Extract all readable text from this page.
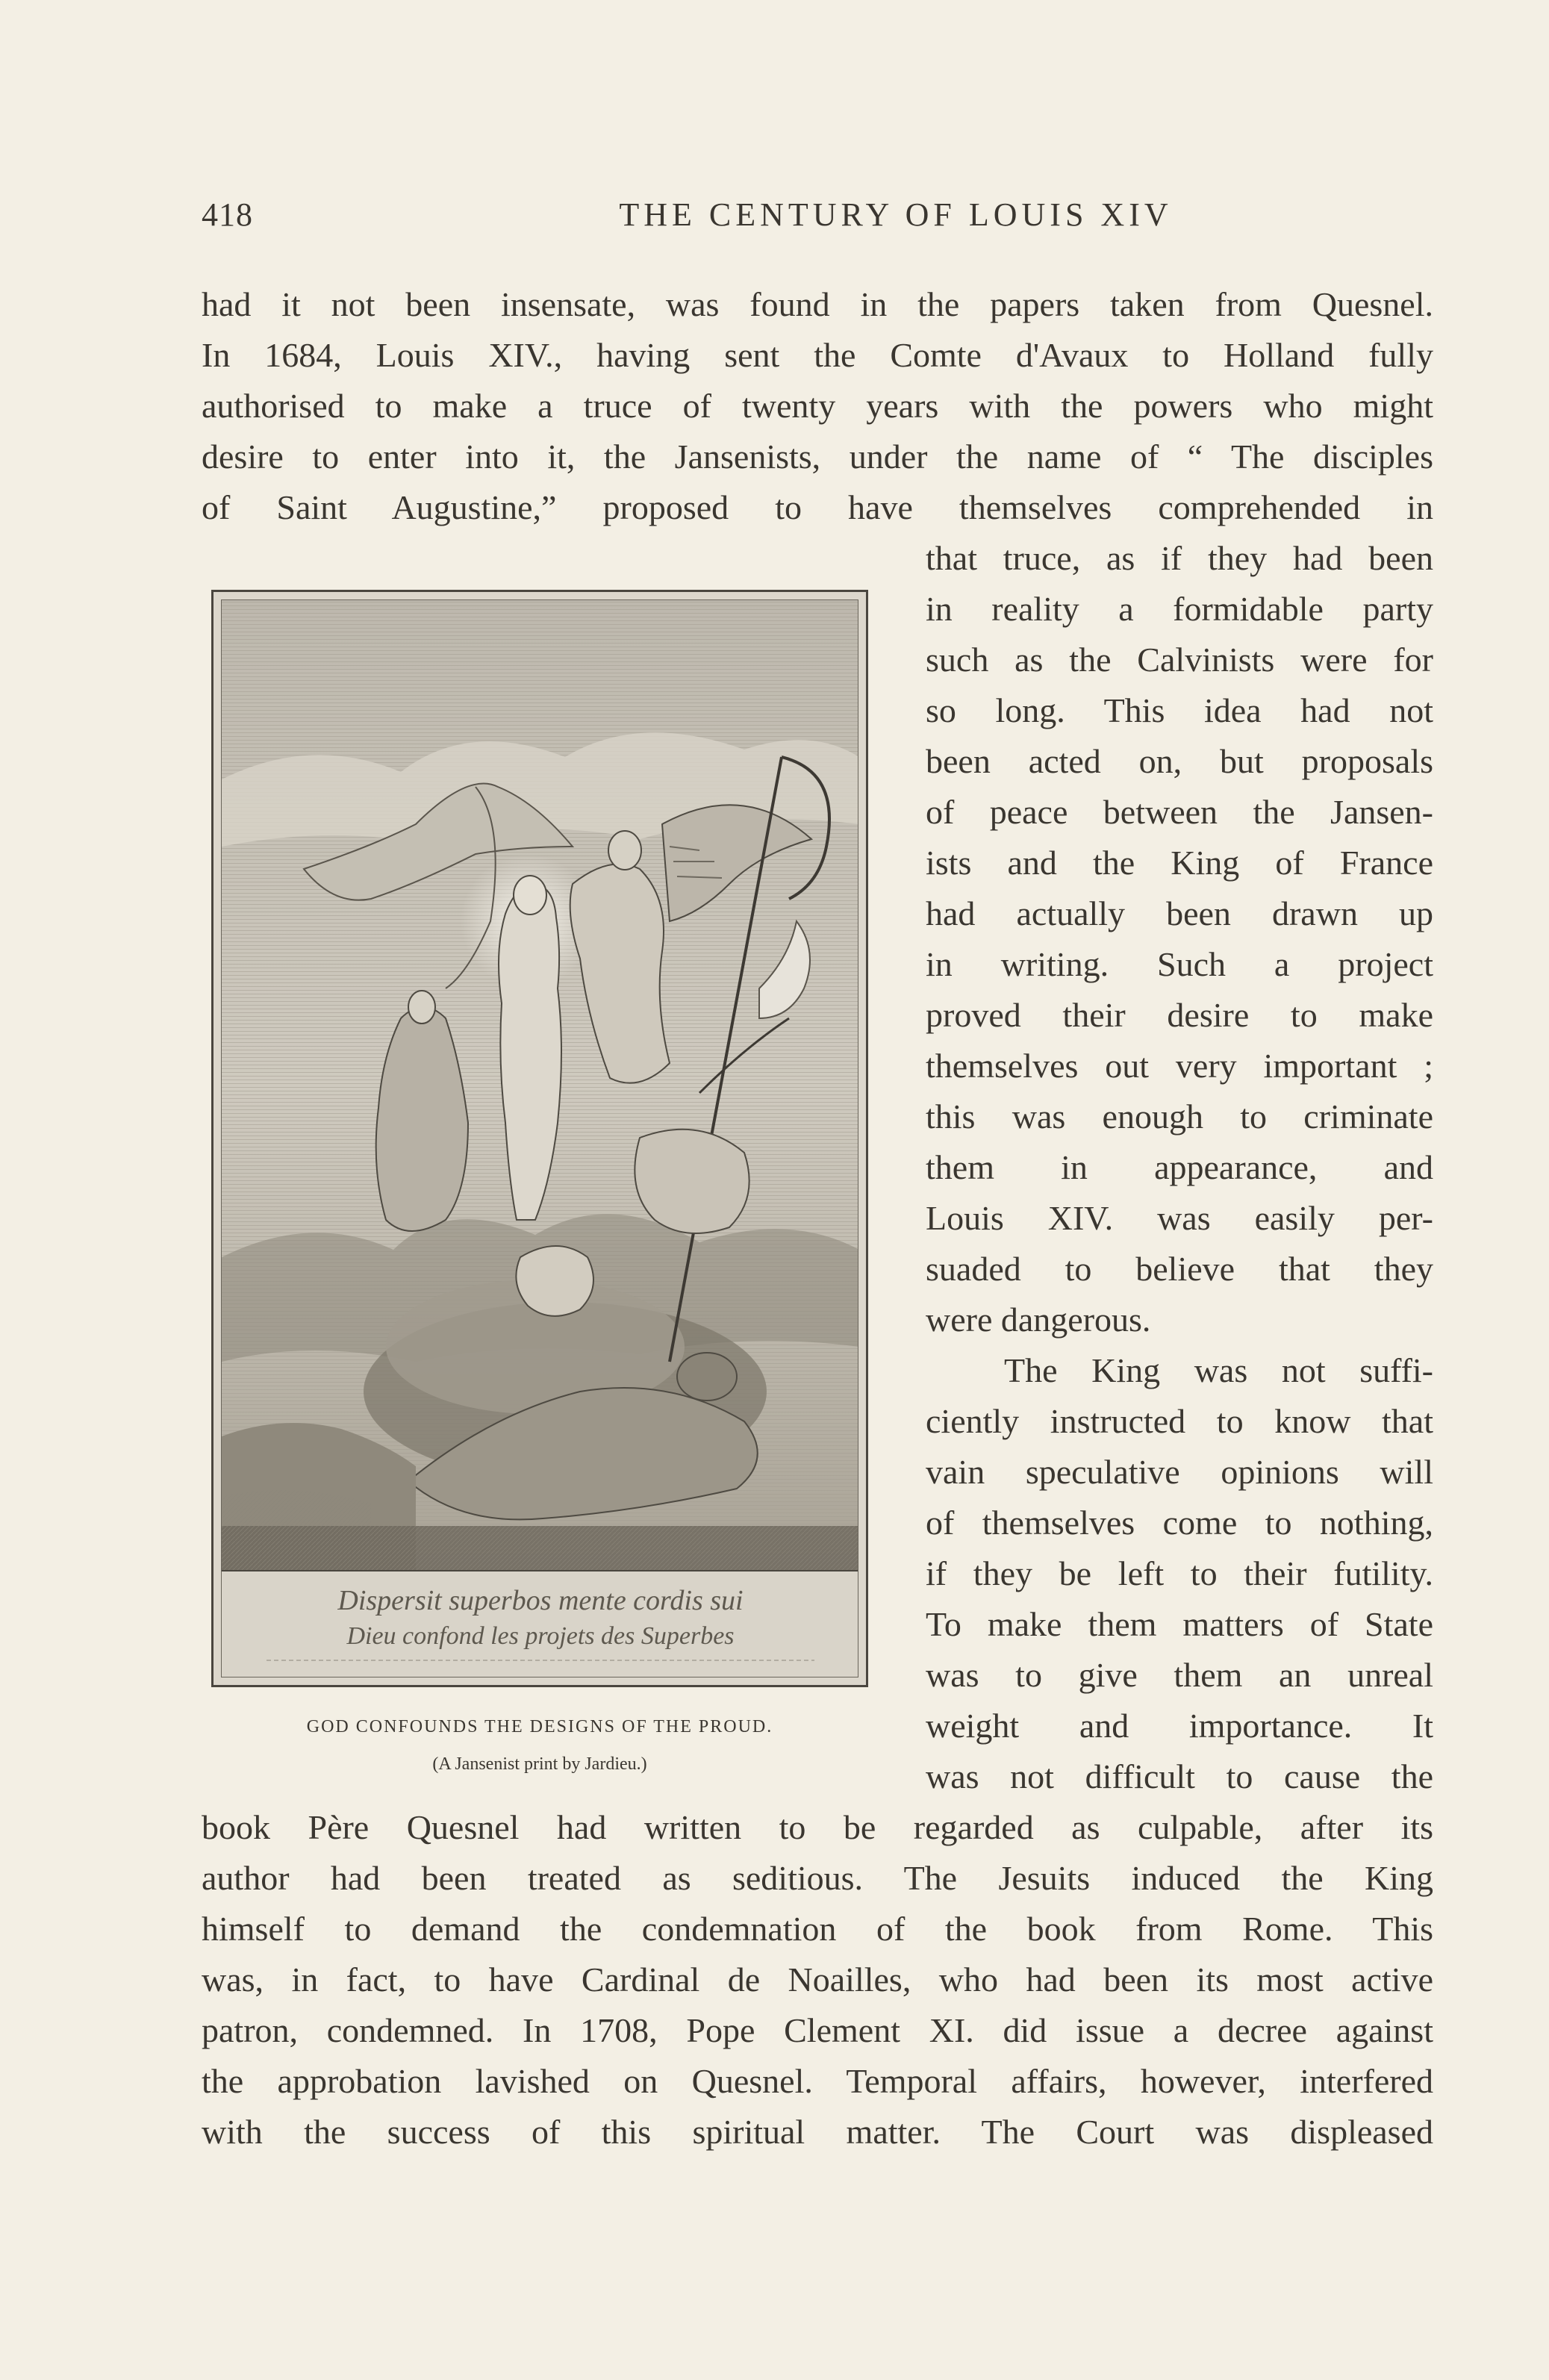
418	THE CENTURY OF LOUIS XIV
had it not been insensate, was found in the papers taken from Quesnel.
In 1684, Louis XIV., having sent the Comte d'Avaux to Holland fully
authorised to make a truce of twenty years with the powers who might
desire to enter into it, the Jansenists, under the name of “ The disciples
of Saint Augustine,” proposed to have themselves comprehended in
that truce, as if they had been
in reality a formidable party
such as the Calvinists were for
so long. This idea had not
been acted on, but proposals
of peace between the Jansen-
ists and the King of France
had actually been drawn up
in writing. Such a project
proved their desire to make
themselves out very important ;
this was enough to criminate
them in appearance, and
Louis XIV. was easily per-
suaded to believe that they
were dangerous.
The King was not suffi-
ciently instructed to know that
vain speculative opinions will
of themselves come to nothing,
if they be left to their futility.
To make them matters of State
was to give them an unreal
weight and importance. It
was not difficult to cause the
book Père Quesnel had written to be regarded as culpable, after its
author had been treated as seditious. The Jesuits induced the King
himself to demand the condemnation of the book from Rome. This
was, in fact, to have Cardinal de Noailles, who had been its most active
patron, condemned. In 1708, Pope Clement XI. did issue a decree against
the approbation lavished on Quesnel. Temporal affairs, however, interfered
with the success of this spiritual matter. The Court was displeased
Dispersit superbos mente cordis sui
Dieu confond les projets des Superbes
GOD CONFOUNDS THE DESIGNS OF THE PROUD.
(A Jansenist print by Jardieu.)
